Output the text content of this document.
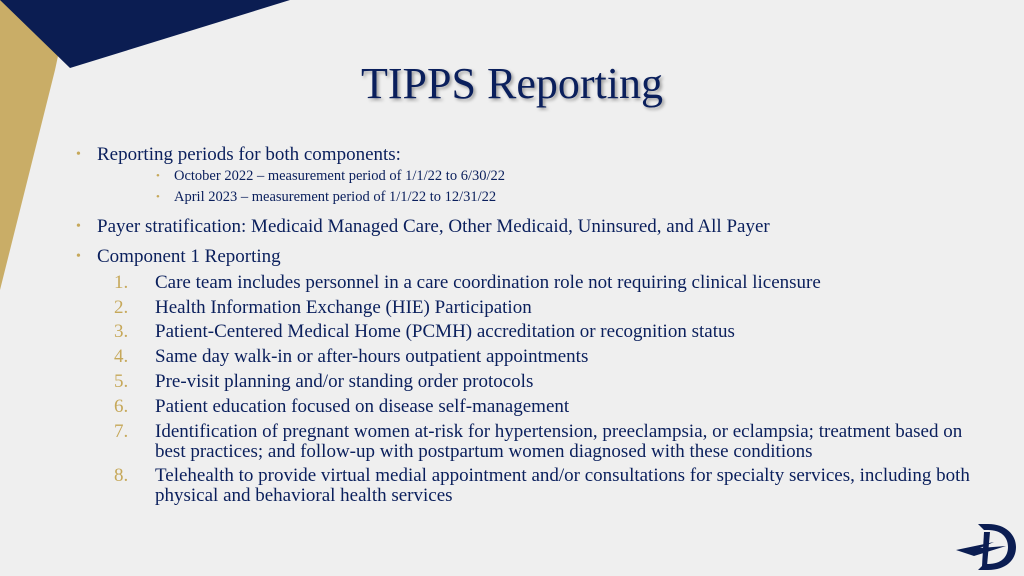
TIPPS Reporting
• Reporting periods for both components:
• October 2022 – measurement period of 1/1/22 to 6/30/22
• April 2023 – measurement period of 1/1/22 to 12/31/22
• Payer stratification: Medicaid Managed Care, Other Medicaid, Uninsured, and All Payer
• Component 1 Reporting
1. Care team includes personnel in a care coordination role not requiring clinical licensure
2. Health Information Exchange (HIE) Participation
3. Patient-Centered Medical Home (PCMH) accreditation or recognition status
4. Same day walk-in or after-hours outpatient appointments
5. Pre-visit planning and/or standing order protocols
6. Patient education focused on disease self-management
7. Identification of pregnant women at-risk for hypertension, preeclampsia, or eclampsia; treatment based on best practices; and follow-up with postpartum women diagnosed with these conditions
8. Telehealth to provide virtual medial appointment and/or consultations for specialty services, including both physical and behavioral health services
